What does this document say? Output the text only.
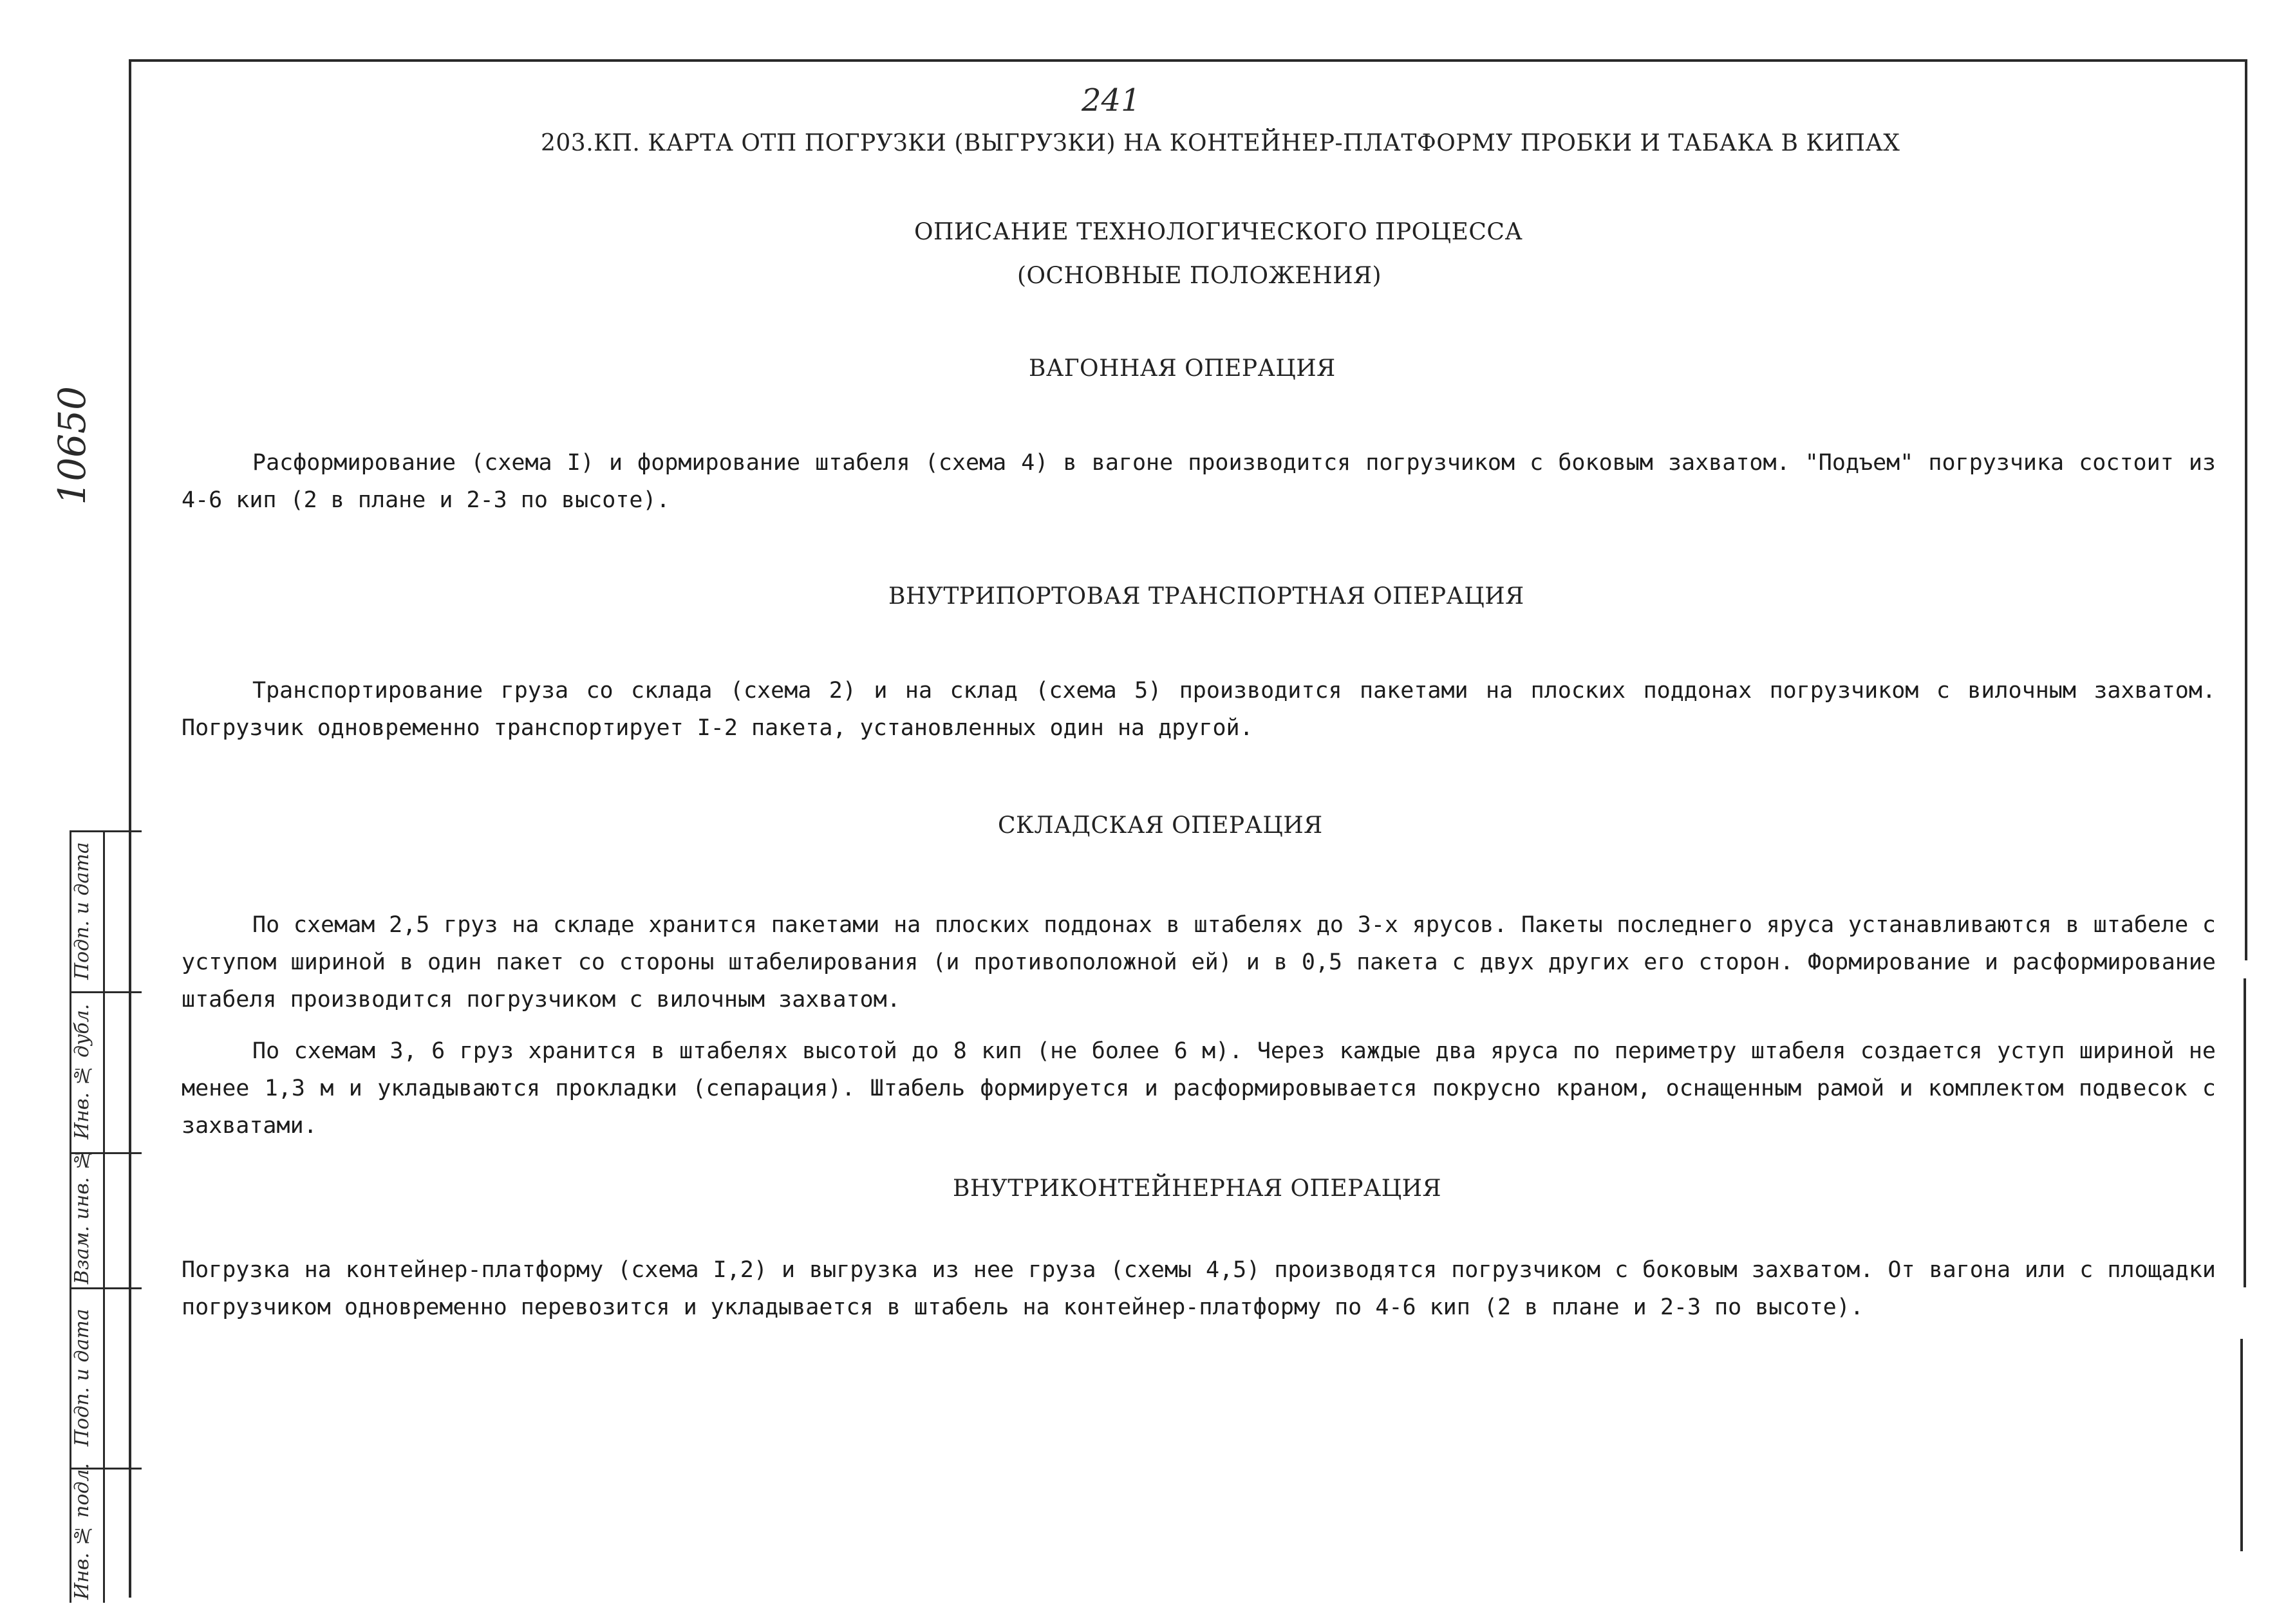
10650
Подп. и дата
Инв. № дубл.
Взам. инв. №
Подп. и дата
Инв. № подл.
241
203.КП. КАРТА ОТП ПОГРУЗКИ (ВЫГРУЗКИ) НА КОНТЕЙНЕР-ПЛАТФОРМУ ПРОБКИ И ТАБАКА В КИПАХ
ОПИСАНИЕ ТЕХНОЛОГИЧЕСКОГО ПРОЦЕССА
(ОСНОВНЫЕ ПОЛОЖЕНИЯ)
ВАГОННАЯ ОПЕРАЦИЯ

Расформирование (схема I) и формирование штабеля (схема 4) в вагоне производится погрузчиком с боковым захватом. "Подъем" погрузчика состоит из 4-6 кип (2 в плане и 2-3 по высоте).

ВНУТРИПОРТОВАЯ ТРАНСПОРТНАЯ ОПЕРАЦИЯ

Транспортирование груза со склада (схема 2) и на склад (схема 5) производится пакетами на плоских поддонах погрузчиком с вилочным захватом. Погрузчик одновременно транспортирует I-2 пакета, установленных один на другой.

СКЛАДСКАЯ ОПЕРАЦИЯ

По схемам 2,5 груз на складе хранится пакетами на плоских поддонах в штабелях до 3-х ярусов. Пакеты последнего яруса устанавливаются в штабеле с уступом шириной в один пакет со стороны штабелирования (и противоположной ей) и в 0,5 пакета с двух других его сторон. Формирование и расформирование штабеля производится погрузчиком с вилочным захватом.

По схемам 3, 6 груз хранится в штабелях высотой до 8 кип (не более 6 м). Через каждые два яруса по периметру штабеля создается уступ шириной не менее 1,3 м и укладываются прокладки (сепарация). Штабель формируется и расформировывается покрусно краном, оснащенным рамой и комплектом подвесок с захватами.

ВНУТРИКОНТЕЙНЕРНАЯ ОПЕРАЦИЯ

Погрузка на контейнер-платформу (схема I,2) и выгрузка из нее груза (схемы 4,5) производятся погрузчиком с боковым захватом. От вагона или с площадки погрузчиком одновременно перевозится и укладывается в штабель на контейнер-платформу по 4-6 кип (2 в плане и 2-3 по высоте).
